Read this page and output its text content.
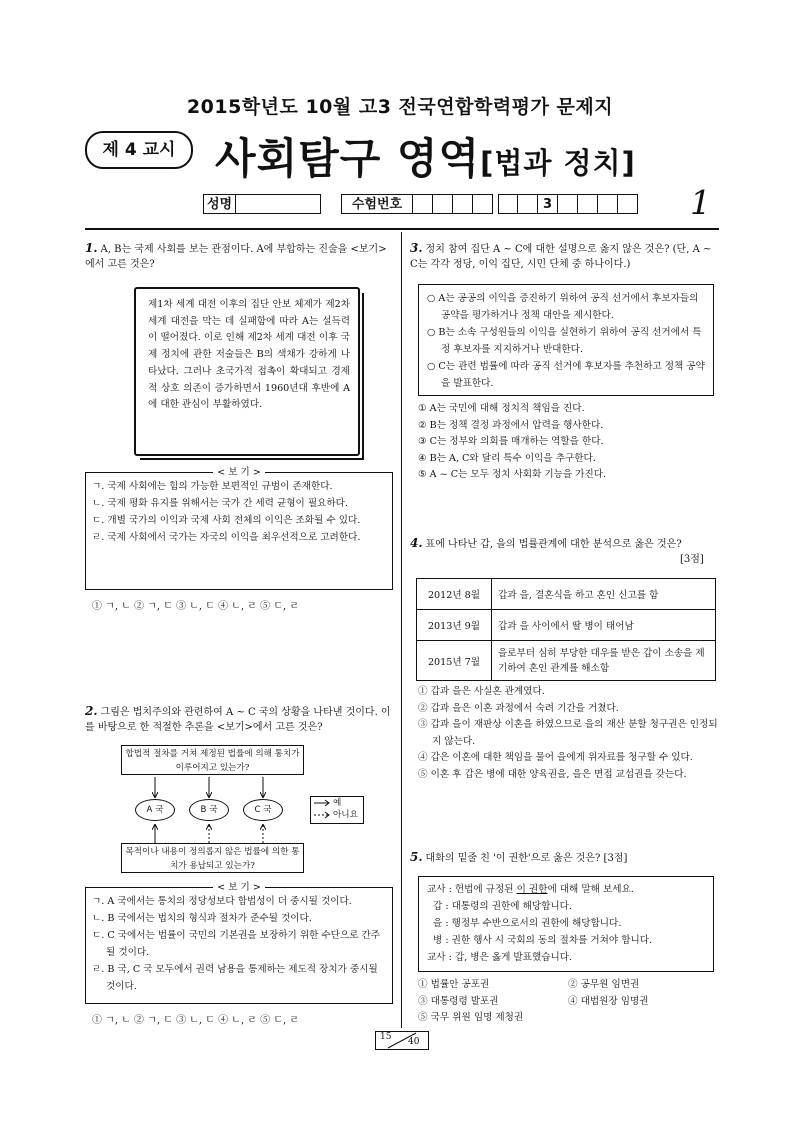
2015학년도 10월 고3 전국연합학력평가 문제지
제 4 교시 사회탐구 영역[법과 정치]
1
성명	수험번호	3
1. A, B는 국제 사회를 보는 관점이다. A에 부합하는 진술을 <보기>에서 고른 것은?
제1차 세계 대전 이후의 집단 안보 체제가 제2차 세계 대전을 막는 데 실패함에 따라 A는 설득력이 떨어졌다. 이로 인해 제2차 세계 대전 이후 국제 정치에 관한 저술들은 B의 색채가 강하게 나타났다. 그러나 초국가적 접촉이 확대되고 경제적 상호 의존이 증가하면서 1960년대 후반에 A에 대한 관심이 부활하였다.
< 보 기 >
ㄱ. 국제 사회에는 힘의 가능한 보편적인 규범이 존재한다.
ㄴ. 국제 평화 유지를 위해서는 국가 간 세력 균형이 필요하다.
ㄷ. 개별 국가의 이익과 국제 사회 전체의 이익은 조화될 수 있다.
ㄹ. 국제 사회에서 국가는 자국의 이익을 최우선적으로 고려한다.
① ㄱ, ㄴ ② ㄱ, ㄷ ③ ㄴ, ㄷ ④ ㄴ, ㄹ ⑤ ㄷ, ㄹ
2. 그림은 법치주의와 관련하여 A ~ C 국의 상황을 나타낸 것이다. 이를 바탕으로 한 적절한 추론을 <보기>에서 고른 것은?
합법적 절차를 거쳐 제정된 법률에 의해 통치가 이루어지고 있는가?
A 국	B 국	C 국
예
아니요
목적이나 내용이 정의롭지 않은 법률에 의한 통치가 용납되고 있는가?
< 보 기 >
ㄱ. A 국에서는 통치의 정당성보다 합법성이 더 중시될 것이다.
ㄴ. B 국에서는 법치의 형식과 절차가 준수될 것이다.
ㄷ. C 국에서는 법률이 국민의 기본권을 보장하기 위한 수단으로 간주될 것이다.
ㄹ. B 국, C 국 모두에서 권력 남용을 통제하는 제도적 장치가 중시될 것이다.
① ㄱ, ㄴ ② ㄱ, ㄷ ③ ㄴ, ㄷ ④ ㄴ, ㄹ ⑤ ㄷ, ㄹ
3. 정치 참여 집단 A ~ C에 대한 설명으로 옳지 않은 것은? (단, A ~ C는 각각 정당, 이익 집단, 시민 단체 중 하나이다.)
○ A는 공공의 이익을 증진하기 위하여 공직 선거에서 후보자들의 공약을 평가하거나 정책 대안을 제시한다.
○ B는 소속 구성원들의 이익을 실현하기 위하여 공직 선거에서 특정 후보자를 지지하거나 반대한다.
○ C는 관련 법률에 따라 공직 선거에 후보자를 추천하고 정책 공약을 발표한다.
① A는 국민에 대해 정치적 책임을 진다.
② B는 정책 결정 과정에서 압력을 행사한다.
③ C는 정부와 의회를 매개하는 역할을 한다.
④ B는 A, C와 달리 특수 이익을 추구한다.
⑤ A ~ C는 모두 정치 사회화 기능을 가진다.
4. 표에 나타난 갑, 을의 법률관계에 대한 분석으로 옳은 것은?
[3점]
2012년 8월	갑과 을, 결혼식을 하고 혼인 신고를 함
2013년 9월	갑과 을 사이에서 딸 병이 태어남
2015년 7월	을로부터 심히 부당한 대우를 받은 갑이 소송을 제기하여 혼인 관계를 해소함
① 갑과 을은 사실혼 관계였다.
② 갑과 을은 이혼 과정에서 숙려 기간을 거쳤다.
③ 갑과 을이 재판상 이혼을 하였으므로 을의 재산 분할 청구권은 인정되지 않는다.
④ 갑은 이혼에 대한 책임을 물어 을에게 위자료를 청구할 수 있다.
⑤ 이혼 후 갑은 병에 대한 양육권을, 을은 면접 교섭권을 갖는다.
5. 대화의 밑줄 친 '이 권한'으로 옳은 것은? [3점]
교사 : 헌법에 규정된 이 권한에 대해 말해 보세요.
갑 : 대통령의 권한에 해당합니다.
을 : 행정부 수반으로서의 권한에 해당합니다.
병 : 권한 행사 시 국회의 동의 절차를 거쳐야 합니다.
교사 : 갑, 병은 옳게 발표했습니다.
① 법률안 공포권	② 공무원 임면권
③ 대통령령 발포권	④ 대법원장 임명권
⑤ 국무 위원 임명 제청권
15 40
